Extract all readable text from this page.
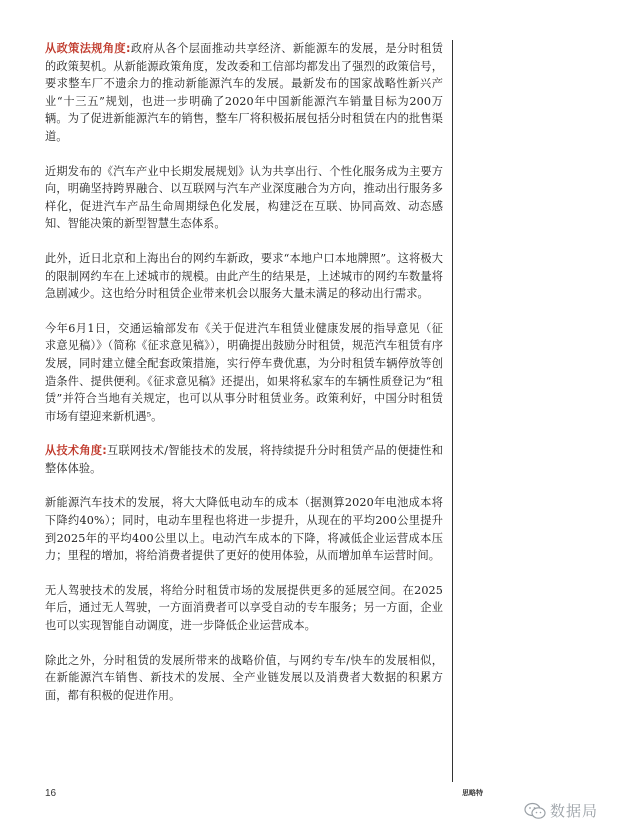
从政策法规角度:政府从各个层面推动共享经济、新能源车的发展，是分时租赁的政策契机。从新能源政策角度，发改委和工信部均都发出了强烈的政策信号，要求整车厂不遗余力的推动新能源汽车的发展。最新发布的国家战略性新兴产业“十三五”规划，也进一步明确了2020年中国新能源汽车销量目标为200万辆。为了促进新能源汽车的销售，整车厂将积极拓展包括分时租赁在内的批售渠道。

近期发布的《汽车产业中长期发展规划》认为共享出行、个性化服务成为主要方向，明确坚持跨界融合、以互联网与汽车产业深度融合为方向，推动出行服务多样化，促进汽车产品生命周期绿色化发展，构建泛在互联、协同高效、动态感知、智能决策的新型智慧生态体系。

此外，近日北京和上海出台的网约车新政，要求“本地户口本地牌照”。这将极大的限制网约车在上述城市的规模。由此产生的结果是，上述城市的网约车数量将急剧减少。这也给分时租赁企业带来机会以服务大量未满足的移动出行需求。

今年6月1日，交通运输部发布《关于促进汽车租赁业健康发展的指导意见（征求意见稿）》（简称《征求意见稿》），明确提出鼓励分时租赁，规范汽车租赁有序发展，同时建立健全配套政策措施，实行停车费优惠，为分时租赁车辆停放等创造条件、提供便利。《征求意见稿》还提出，如果将私家车的车辆性质登记为“租赁”并符合当地有关规定，也可以从事分时租赁业务。政策利好，中国分时租赁市场有望迎来新机遇⁵。

从技术角度:互联网技术/智能技术的发展，将持续提升分时租赁产品的便捷性和整体体验。

新能源汽车技术的发展，将大大降低电动车的成本（据测算2020年电池成本将下降约40%）；同时，电动车里程也将进一步提升，从现在的平均200公里提升到2025年的平均400公里以上。电动汽车成本的下降，将减低企业运营成本压力；里程的增加，将给消费者提供了更好的使用体验，从而增加单车运营时间。

无人驾驶技术的发展，将给分时租赁市场的发展提供更多的延展空间。在2025年后，通过无人驾驶，一方面消费者可以享受自动的专车服务；另一方面，企业也可以实现智能自动调度，进一步降低企业运营成本。

除此之外，分时租赁的发展所带来的战略价值，与网约专车/快车的发展相似，在新能源汽车销售、新技术的发展、全产业链发展以及消费者大数据的积累方面，都有积极的促进作用。

16	思略特
数据局
